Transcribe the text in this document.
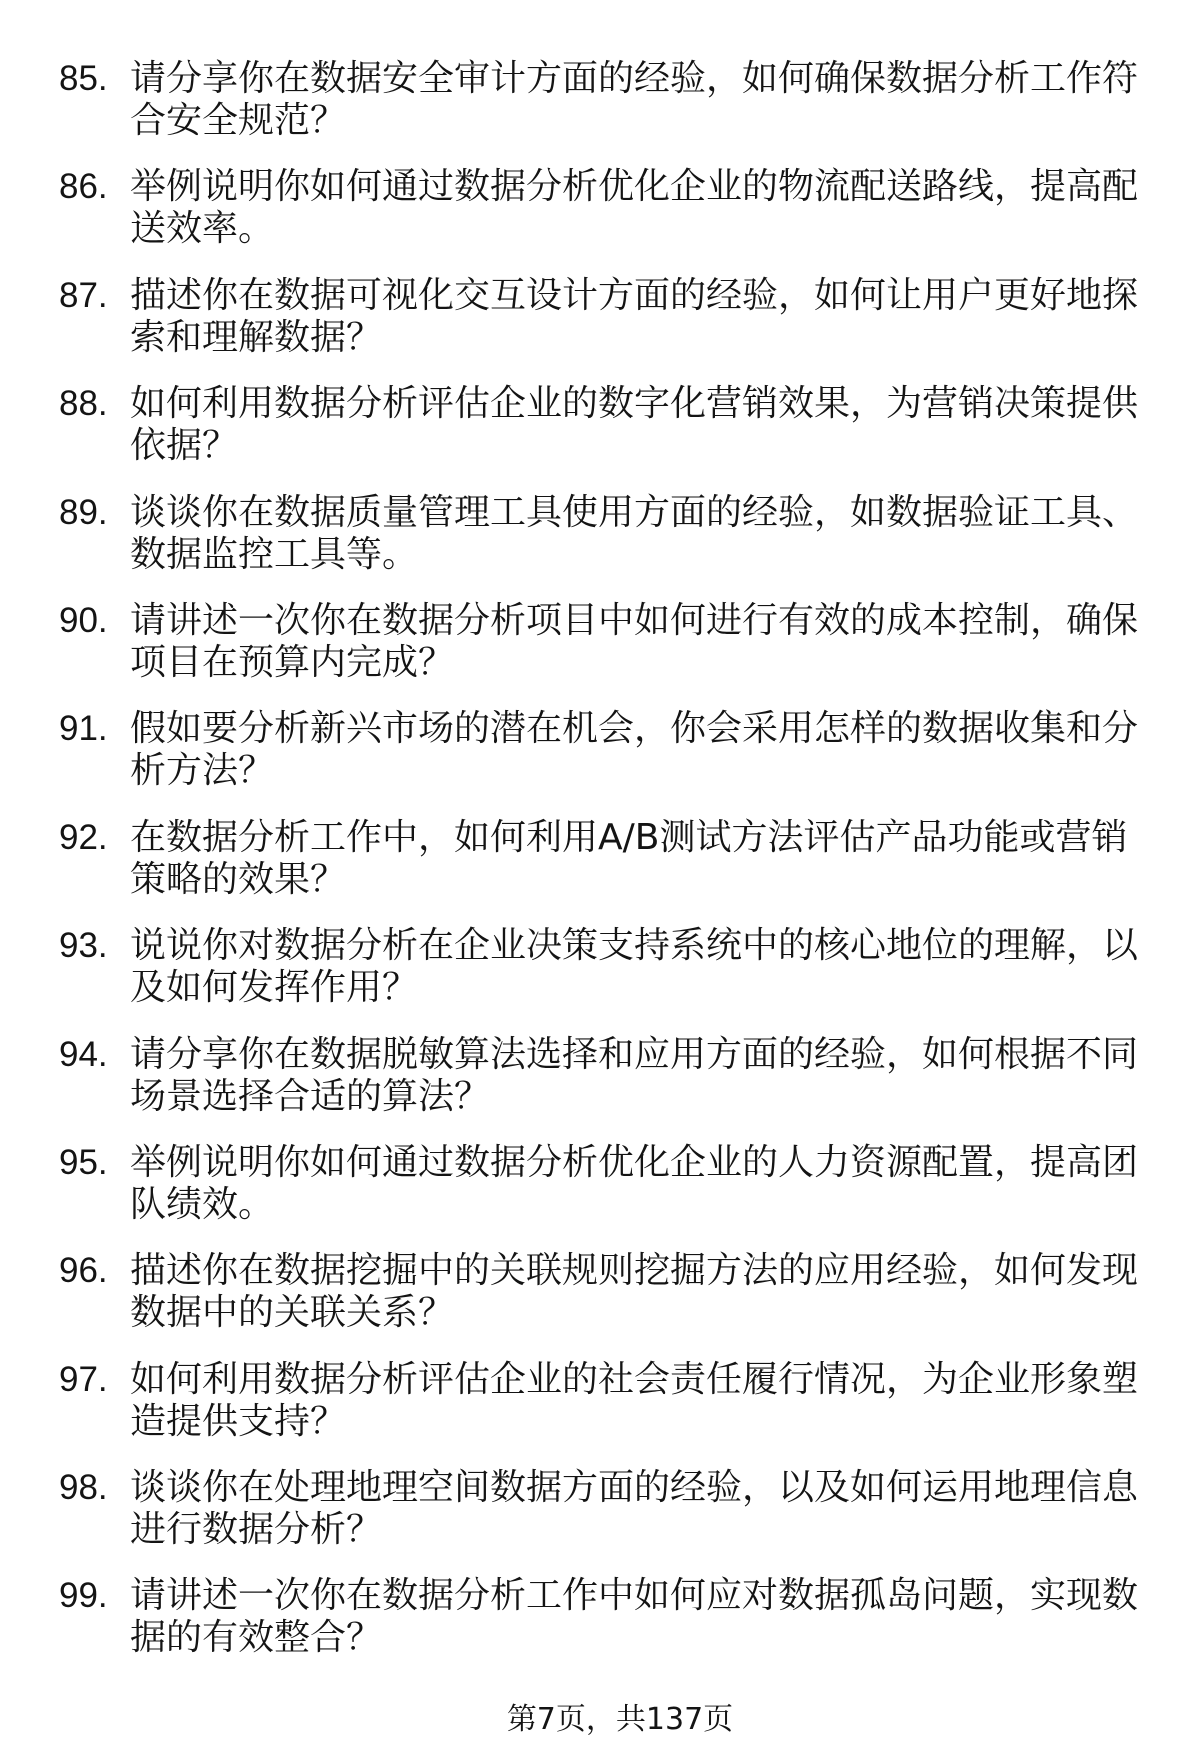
85. 请分享你在数据安全审计方面的经验，如何确保数据分析工作符
合安全规范？
86. 举例说明你如何通过数据分析优化企业的物流配送路线，提高配
送效率。
87. 描述你在数据可视化交互设计方面的经验，如何让用户更好地探
索和理解数据？
88. 如何利用数据分析评估企业的数字化营销效果，为营销决策提供
依据？
89. 谈谈你在数据质量管理工具使用方面的经验，如数据验证工具、
数据监控工具等。
90. 请讲述一次你在数据分析项目中如何进行有效的成本控制，确保
项目在预算内完成？
91. 假如要分析新兴市场的潜在机会，你会采用怎样的数据收集和分
析方法？
92. 在数据分析工作中，如何利用A/B测试方法评估产品功能或营销
策略的效果？
93. 说说你对数据分析在企业决策支持系统中的核心地位的理解，以
及如何发挥作用？
94. 请分享你在数据脱敏算法选择和应用方面的经验，如何根据不同
场景选择合适的算法？
95. 举例说明你如何通过数据分析优化企业的人力资源配置，提高团
队绩效。
96. 描述你在数据挖掘中的关联规则挖掘方法的应用经验，如何发现
数据中的关联关系？
97. 如何利用数据分析评估企业的社会责任履行情况，为企业形象塑
造提供支持？
98. 谈谈你在处理地理空间数据方面的经验，以及如何运用地理信息
进行数据分析？
99. 请讲述一次你在数据分析工作中如何应对数据孤岛问题，实现数
据的有效整合？
第7页，共137页
